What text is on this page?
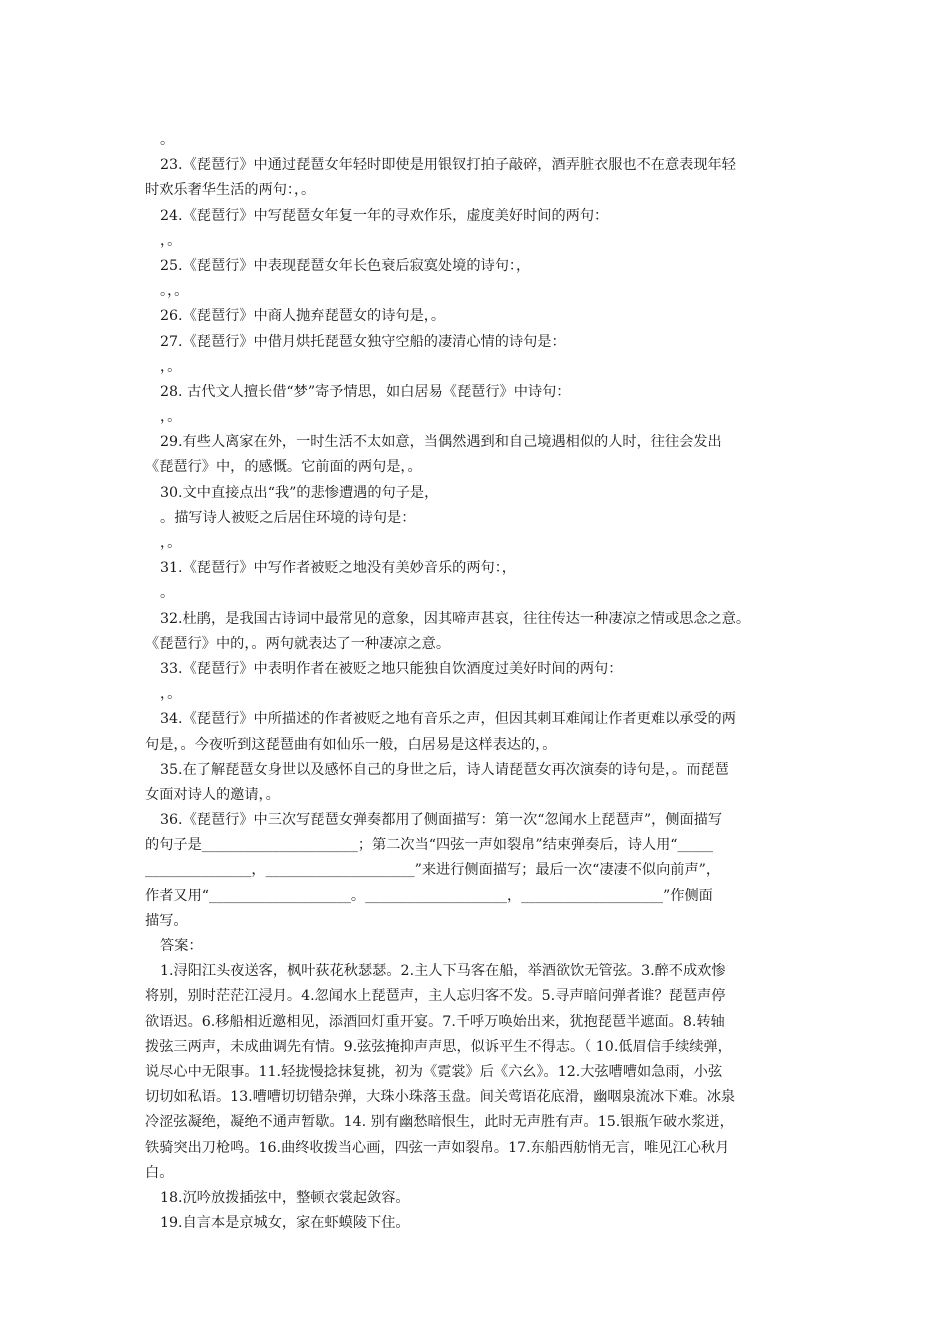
。
23.《琵琶行》中通过琵琶女年轻时即使是用银钗打拍子敲碎，酒弄脏衣服也不在意表现年轻
时欢乐奢华生活的两句：，。
24.《琵琶行》中写琵琶女年复一年的寻欢作乐，虚度美好时间的两句：
，。
25.《琵琶行》中表现琵琶女年长色衰后寂寞处境的诗句：，
。，。
26.《琵琶行》中商人抛弃琵琶女的诗句是，。
27.《琵琶行》中借月烘托琵琶女独守空船的凄清心情的诗句是：
，。
28. 古代文人擅长借“梦”寄予情思，如白居易《琵琶行》中诗句：
，。
29.有些人离家在外，一时生活不太如意，当偶然遇到和自己境遇相似的人时，往往会发出
《琵琶行》中，的感慨。它前面的两句是，。
30.文中直接点出“我”的悲惨遭遇的句子是，
。描写诗人被贬之后居住环境的诗句是：
，。
31.《琵琶行》中写作者被贬之地没有美妙音乐的两句：，
。
32.杜鹃，是我国古诗词中最常见的意象，因其啼声甚哀，往往传达一种凄凉之情或思念之意。
《琵琶行》中的，。两句就表达了一种凄凉之意。
33.《琵琶行》中表明作者在被贬之地只能独自饮酒度过美好时间的两句：
，。
34.《琵琶行》中所描述的作者被贬之地有音乐之声，但因其刺耳难闻让作者更难以承受的两
句是，。今夜听到这琵琶曲有如仙乐一般，白居易是这样表达的，。
35.在了解琵琶女身世以及感怀自己的身世之后，诗人请琵琶女再次演奏的诗句是，。而琵琶
女面对诗人的邀请，。
36.《琵琶行》中三次写琵琶女弹奏都用了侧面描写：第一次“忽闻水上琵琶声”，侧面描写
的句子是______________________；第二次当“四弦一声如裂帛”结束弹奏后，诗人用“_____
_______________，_____________________”来进行侧面描写；最后一次“凄凄不似向前声”，
作者又用“____________________。____________________，____________________”作侧面
描写。
答案：
1.浔阳江头夜送客，枫叶荻花秋瑟瑟。2.主人下马客在船，举酒欲饮无管弦。3.醉不成欢惨
将别，别时茫茫江浸月。4.忽闻水上琵琶声，主人忘归客不发。5.寻声暗问弹者谁？琵琶声停
欲语迟。6.移船相近邀相见，添酒回灯重开宴。7.千呼万唤始出来，犹抱琵琶半遮面。8.转轴
拨弦三两声，未成曲调先有情。9.弦弦掩抑声声思，似诉平生不得志。（ 10.低眉信手续续弹，
说尽心中无限事。11.轻拢慢捻抹复挑，初为《霓裳》后《六幺》。12.大弦嘈嘈如急雨，小弦
切切如私语。13.嘈嘈切切错杂弹，大珠小珠落玉盘。间关莺语花底滑，幽咽泉流冰下难。冰泉
冷涩弦凝绝，凝绝不通声暂歇。14. 别有幽愁暗恨生，此时无声胜有声。15.银瓶乍破水浆迸，
铁骑突出刀枪鸣。16.曲终收拨当心画，四弦一声如裂帛。17.东船西舫悄无言，唯见江心秋月
白。
18.沉吟放拨插弦中，整顿衣裳起敛容。
19.自言本是京城女，家在虾蟆陵下住。
